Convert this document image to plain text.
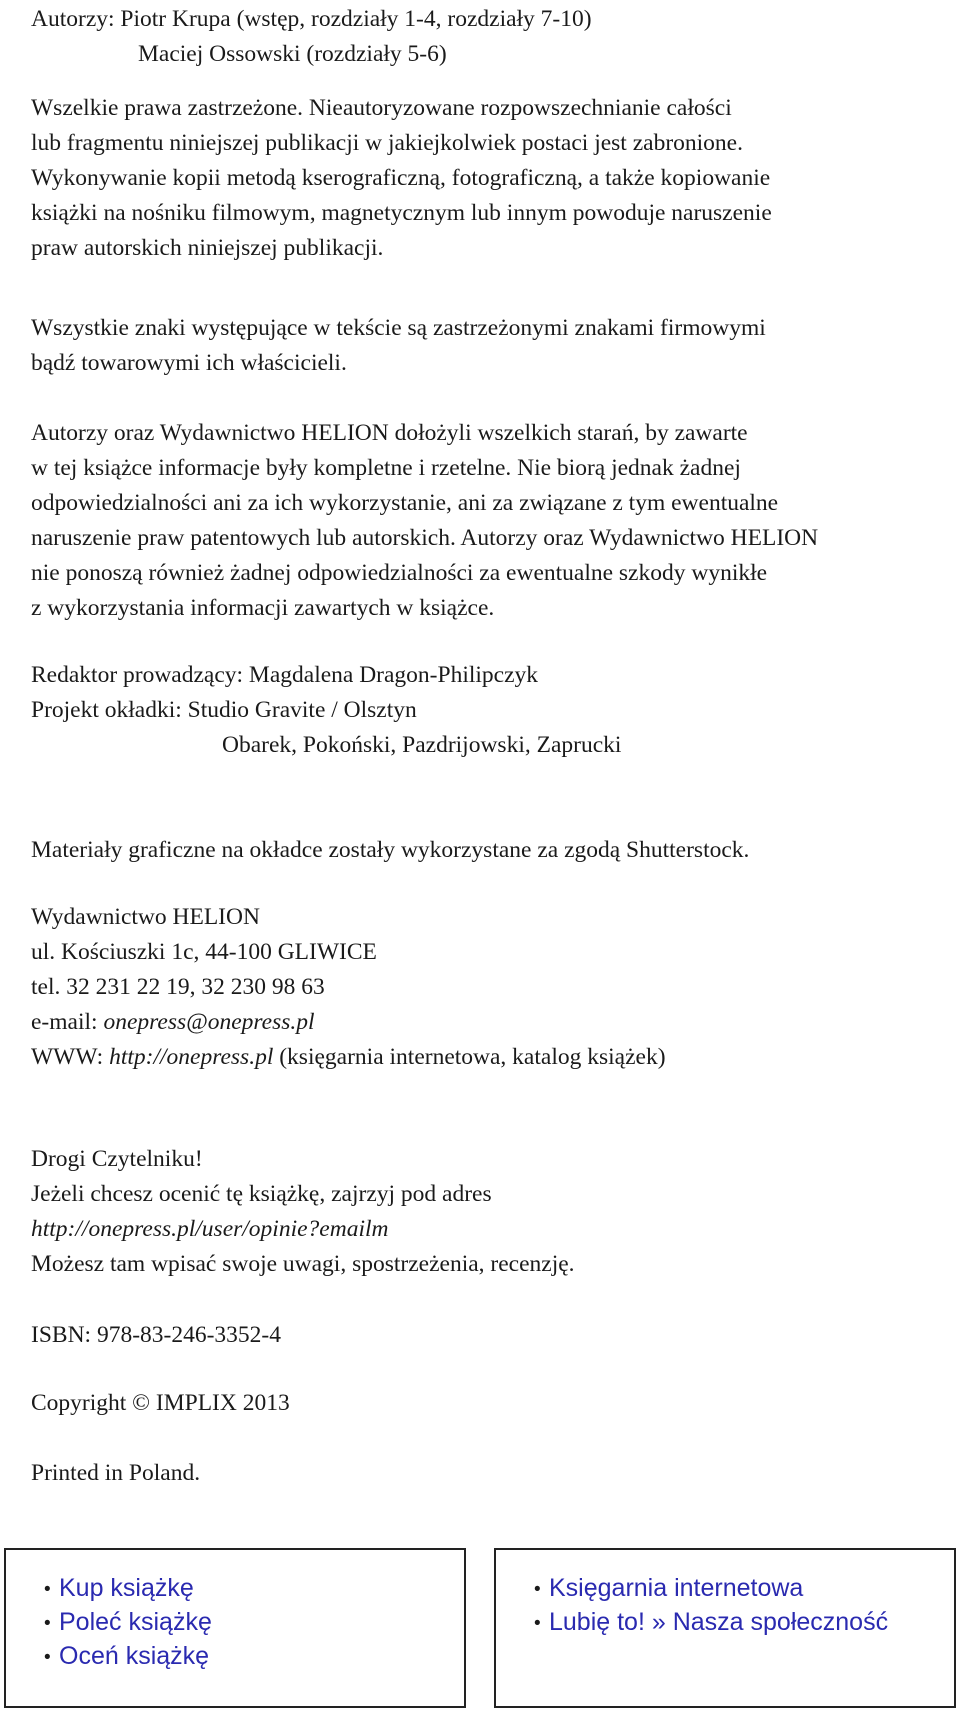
Autorzy: Piotr Krupa (wstęp, rozdziały 1-4, rozdziały 7-10)
Maciej Ossowski (rozdziały 5-6)
Wszelkie prawa zastrzeżone. Nieautoryzowane rozpowszechnianie całości
lub fragmentu niniejszej publikacji w jakiejkolwiek postaci jest zabronione.
Wykonywanie kopii metodą kserograficzną, fotograficzną, a także kopiowanie
książki na nośniku filmowym, magnetycznym lub innym powoduje naruszenie
praw autorskich niniejszej publikacji.
Wszystkie znaki występujące w tekście są zastrzeżonymi znakami firmowymi
bądź towarowymi ich właścicieli.
Autorzy oraz Wydawnictwo HELION dołożyli wszelkich starań, by zawarte
w tej książce informacje były kompletne i rzetelne. Nie biorą jednak żadnej
odpowiedzialności ani za ich wykorzystanie, ani za związane z tym ewentualne
naruszenie praw patentowych lub autorskich. Autorzy oraz Wydawnictwo HELION
nie ponoszą również żadnej odpowiedzialności za ewentualne szkody wynikłe
z wykorzystania informacji zawartych w książce.
Redaktor prowadzący: Magdalena Dragon-Philipczyk
Projekt okładki: Studio Gravite / Olsztyn
Obarek, Pokoński, Pazdrijowski, Zaprucki
Materiały graficzne na okładce zostały wykorzystane za zgodą Shutterstock.
Wydawnictwo HELION
ul. Kościuszki 1c, 44-100 GLIWICE
tel. 32 231 22 19, 32 230 98 63
e-mail: onepress@onepress.pl
WWW: http://onepress.pl (księgarnia internetowa, katalog książek)
Drogi Czytelniku!
Jeżeli chcesz ocenić tę książkę, zajrzyj pod adres
http://onepress.pl/user/opinie?emailm
Możesz tam wpisać swoje uwagi, spostrzeżenia, recenzję.
ISBN: 978-83-246-3352-4
Copyright © IMPLIX 2013
Printed in Poland.
• Kup książkę
• Poleć książkę
• Oceń książkę
• Księgarnia internetowa
• Lubię to! » Nasza społeczność
